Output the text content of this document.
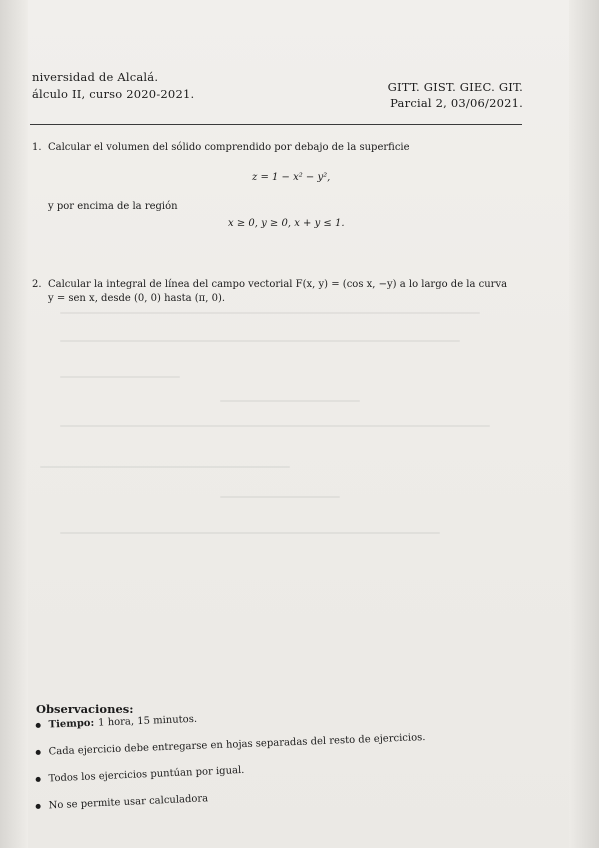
niversidad de Alcalá.
álculo II, curso 2020-2021.	GITT. GIST. GIEC. GIT.
Parcial 2, 03/06/2021.
1. Calcular el volumen del sólido comprendido por debajo de la superficie
z = 1 − x² − y²,
y por encima de la región
x ≥ 0, y ≥ 0, x + y ≤ 1.
2. Calcular la integral de línea del campo vectorial F(x, y) = (cos x, −y) a lo largo de la curva
y = sen x, desde (0, 0) hasta (π, 0).
Observaciones:
Tiempo: 1 hora, 15 minutos.
Cada ejercicio debe entregarse en hojas separadas del resto de ejercicios.
Todos los ejercicios puntúan por igual.
No se permite usar calculadora
